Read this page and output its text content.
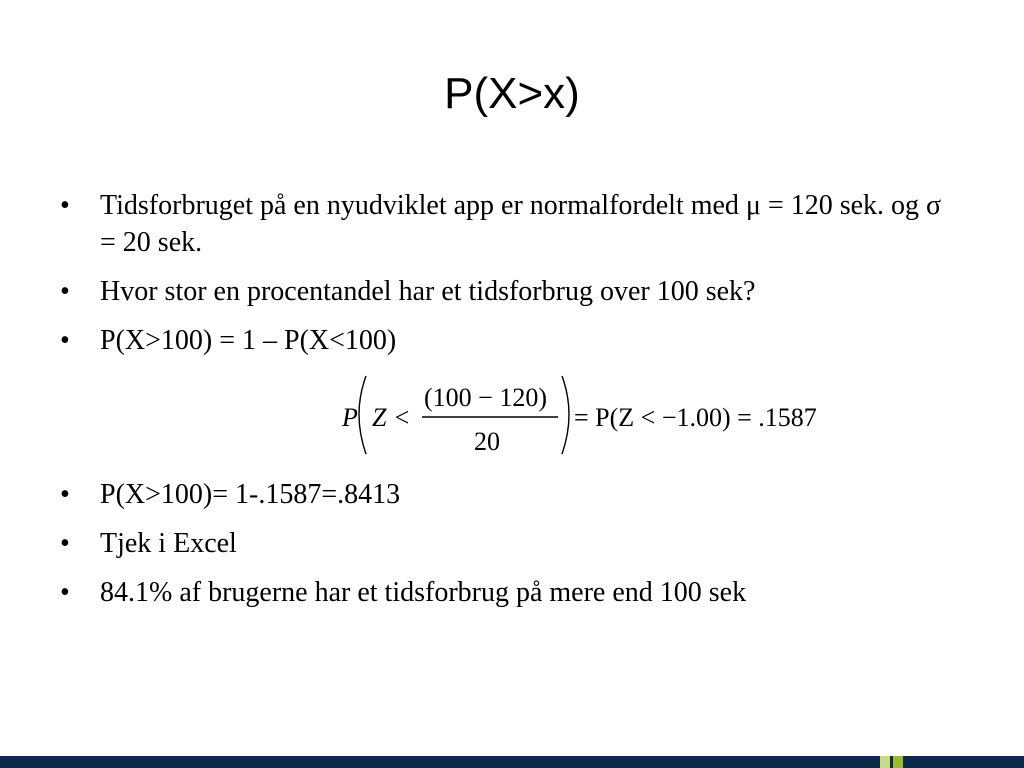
P(X>x)
• Tidsforbruget på en nyudviklet app er normalfordelt med μ = 120 sek. og σ = 20 sek.
• Hvor stor en procentandel har et tidsforbrug over 100 sek?
• P(X>100) = 1 – P(X<100)
P Z <
(100 − 120)
20
= P(Z < −1.00) = .1587
• P(X>100)= 1-.1587=.8413
• Tjek i Excel
• 84.1% af brugerne har et tidsforbrug på mere end 100 sek
